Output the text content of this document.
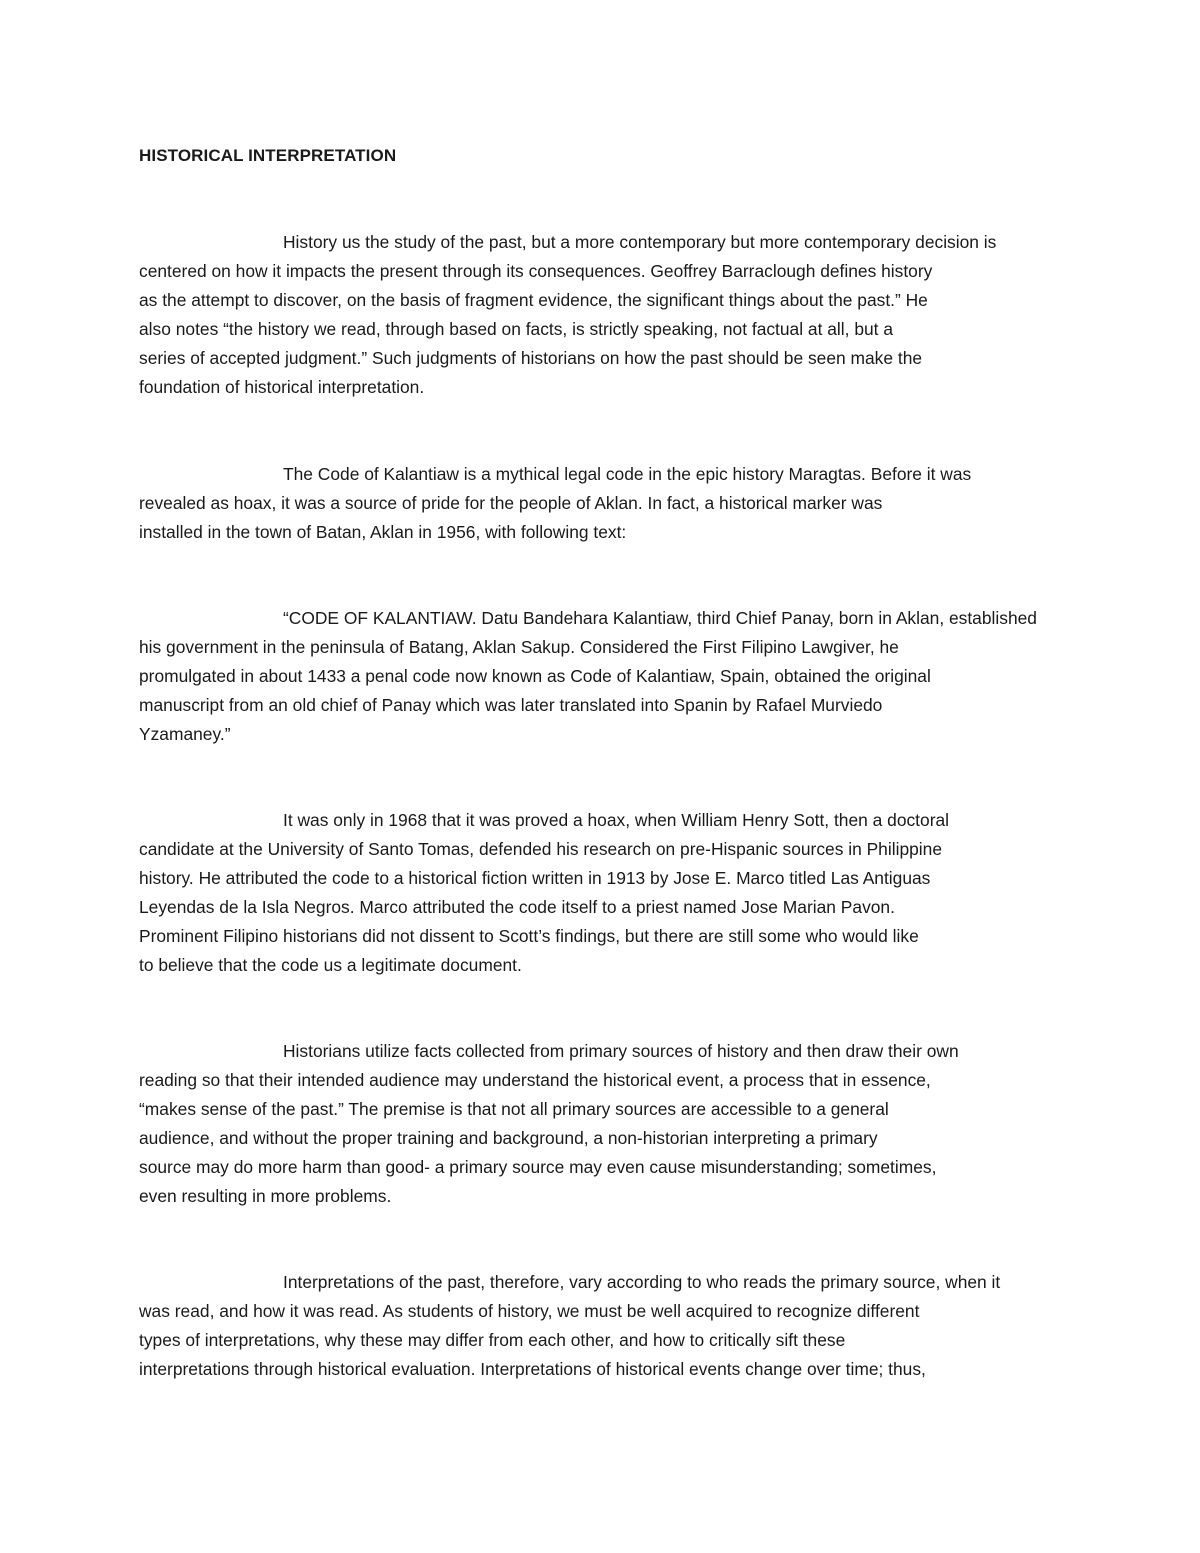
HISTORICAL INTERPRETATION
History us the study of the past, but a more contemporary but more contemporary decision is
centered on how it impacts the present through its consequences. Geoffrey Barraclough defines history
as the attempt to discover, on the basis of fragment evidence, the significant things about the past.” He
also notes “the history we read, through based on facts, is strictly speaking, not factual at all, but a
series of accepted judgment.” Such judgments of historians on how the past should be seen make the
foundation of historical interpretation.
The Code of Kalantiaw is a mythical legal code in the epic history Maragtas. Before it was
revealed as hoax, it was a source of pride for the people of Aklan. In fact, a historical marker was
installed in the town of Batan, Aklan in 1956, with following text:
“CODE OF KALANTIAW. Datu Bandehara Kalantiaw, third Chief Panay, born in Aklan, established
his government in the peninsula of Batang, Aklan Sakup. Considered the First Filipino Lawgiver, he
promulgated in about 1433 a penal code now known as Code of Kalantiaw, Spain, obtained the original
manuscript from an old chief of Panay which was later translated into Spanin by Rafael Murviedo
Yzamaney.”
It was only in 1968 that it was proved a hoax, when William Henry Sott, then a doctoral
candidate at the University of Santo Tomas, defended his research on pre-Hispanic sources in Philippine
history. He attributed the code to a historical fiction written in 1913 by Jose E. Marco titled Las Antiguas
Leyendas de la Isla Negros. Marco attributed the code itself to a priest named Jose Marian Pavon.
Prominent Filipino historians did not dissent to Scott’s findings, but there are still some who would like
to believe that the code us a legitimate document.
Historians utilize facts collected from primary sources of history and then draw their own
reading so that their intended audience may understand the historical event, a process that in essence,
“makes sense of the past.” The premise is that not all primary sources are accessible to a general
audience, and without the proper training and background, a non-historian interpreting a primary
source may do more harm than good- a primary source may even cause misunderstanding; sometimes,
even resulting in more problems.
Interpretations of the past, therefore, vary according to who reads the primary source, when it
was read, and how it was read. As students of history, we must be well acquired to recognize different
types of interpretations, why these may differ from each other, and how to critically sift these
interpretations through historical evaluation. Interpretations of historical events change over time; thus,
